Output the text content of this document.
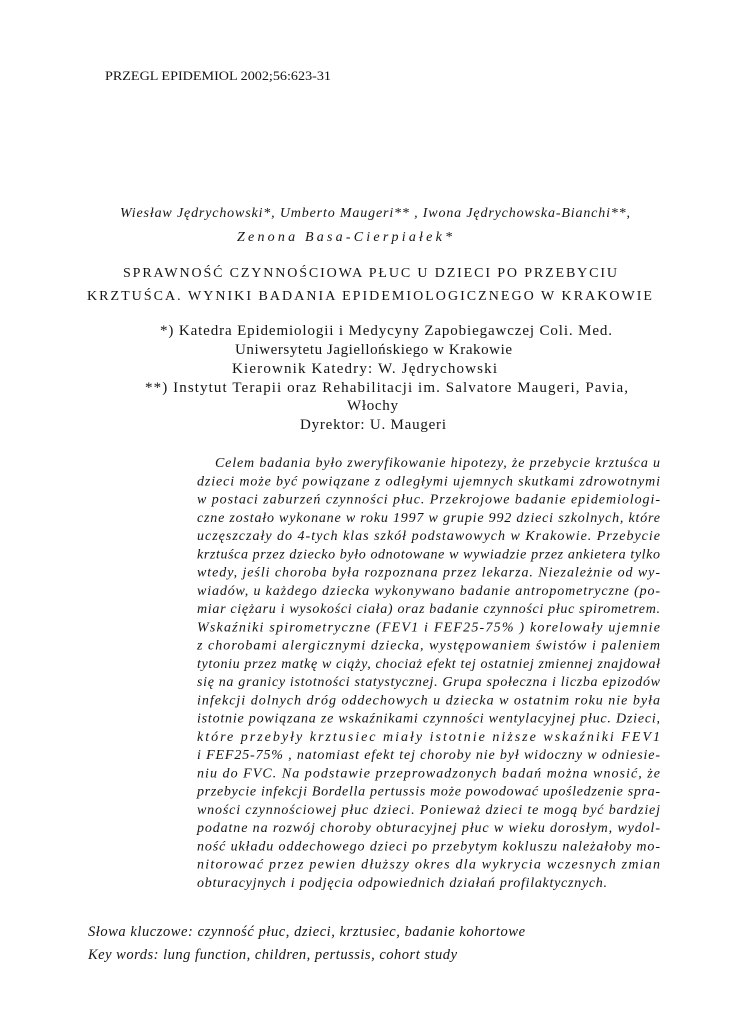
PRZEGL EPIDEMIOL 2002;56:623-31
Wiesław Jędrychowski*, Umberto Maugeri** , Iwona Jędrychowska-Bianchi**,
Zenona Basa-Cierpiałek*
SPRAWNOŚĆ CZYNNOŚCIOWA PŁUC U DZIECI PO PRZEBYCIU
KRZTUŚCA. WYNIKI BADANIA EPIDEMIOLOGICZNEGO W KRAKOWIE
*) Katedra Epidemiologii i Medycyny Zapobiegawczej Coli. Med.
Uniwersytetu Jagiellońskiego w Krakowie
Kierownik Katedry: W. Jędrychowski
**) Instytut Terapii oraz Rehabilitacji im. Salvatore Maugeri, Pavia,
Włochy
Dyrektor: U. Maugeri
Celem badania było zweryfikowanie hipotezy, że przebycie krztuśca u
dzieci może być powiązane z odległymi ujemnych skutkami zdrowotnymi
w postaci zaburzeń czynności płuc. Przekrojowe badanie epidemiologi-
czne zostało wykonane w roku 1997 w grupie 992 dzieci szkolnych, które
uczęszczały do 4-tych klas szkół podstawowych w Krakowie. Przebycie
krztuśca przez dziecko było odnotowane w wywiadzie przez ankietera tylko
wtedy, jeśli choroba była rozpoznana przez lekarza. Niezależnie od wy-
wiadów, u każdego dziecka wykonywano badanie antropometryczne (po-
miar ciężaru i wysokości ciała) oraz badanie czynności płuc spirometrem.
Wskaźniki spirometryczne (FEV1 i FEF25-75% ) korelowały ujemnie
z chorobami alergicznymi dziecka, występowaniem świstów i paleniem
tytoniu przez matkę w ciąży, chociaż efekt tej ostatniej zmiennej znajdował
się na granicy istotności statystycznej. Grupa społeczna i liczba epizodów
infekcji dolnych dróg oddechowych u dziecka w ostatnim roku nie była
istotnie powiązana ze wskaźnikami czynności wentylacyjnej płuc. Dzieci,
które przebyły krztusiec miały istotnie niższe wskaźniki FEV1
i FEF25-75% , natomiast efekt tej choroby nie był widoczny w odniesie-
niu do FVC. Na podstawie przeprowadzonych badań można wnosić, że
przebycie infekcji Bordella pertussis może powodować upośledzenie spra-
wności czynnościowej płuc dzieci. Ponieważ dzieci te mogą być bardziej
podatne na rozwój choroby obturacyjnej płuc w wieku dorosłym, wydol-
ność układu oddechowego dzieci po przebytym kokluszu należałoby mo-
nitorować przez pewien dłuższy okres dla wykrycia wczesnych zmian
obturacyjnych i podjęcia odpowiednich działań profilaktycznych.
Słowa kluczowe: czynność płuc, dzieci, krztusiec, badanie kohortowe
Key words: lung function, children, pertussis, cohort study
